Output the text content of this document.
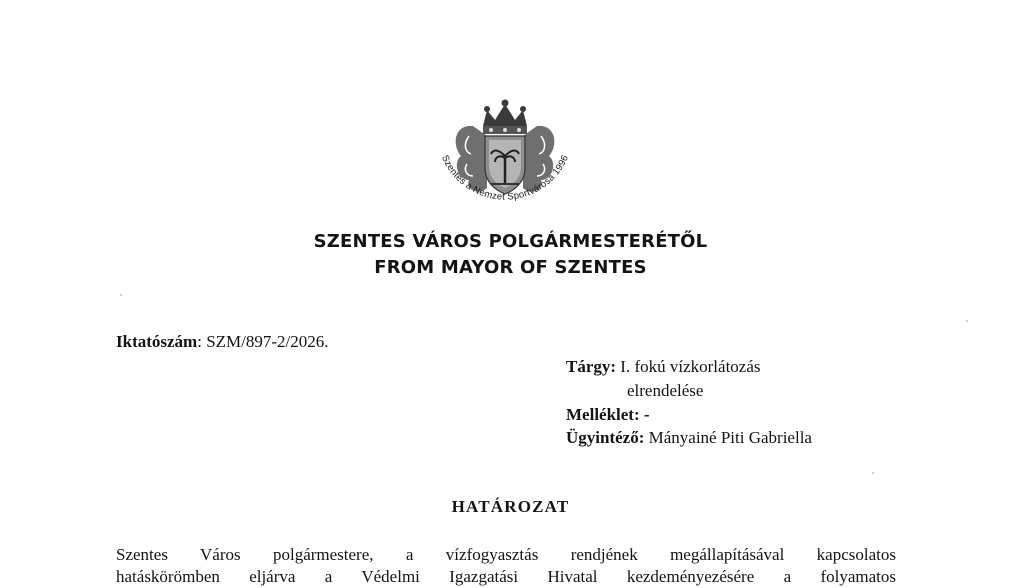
Szentes a Nemzet Sportvárosa 1996
SZENTES VÁROS POLGÁRMESTERÉTŐL
FROM MAYOR OF SZENTES
Iktatószám: SZM/897-2/2026.
Tárgy: I. fokú vízkorlátozás
elrendelése
Melléklet: -
Ügyintéző: Mányainé Piti Gabriella
HATÁROZAT
Szentes Város polgármestere, a vízfogyasztás rendjének megállapításával kapcsolatos
hatáskörömben eljárva a Védelmi Igazgatási Hivatal kezdeményezésére a folyamatos
